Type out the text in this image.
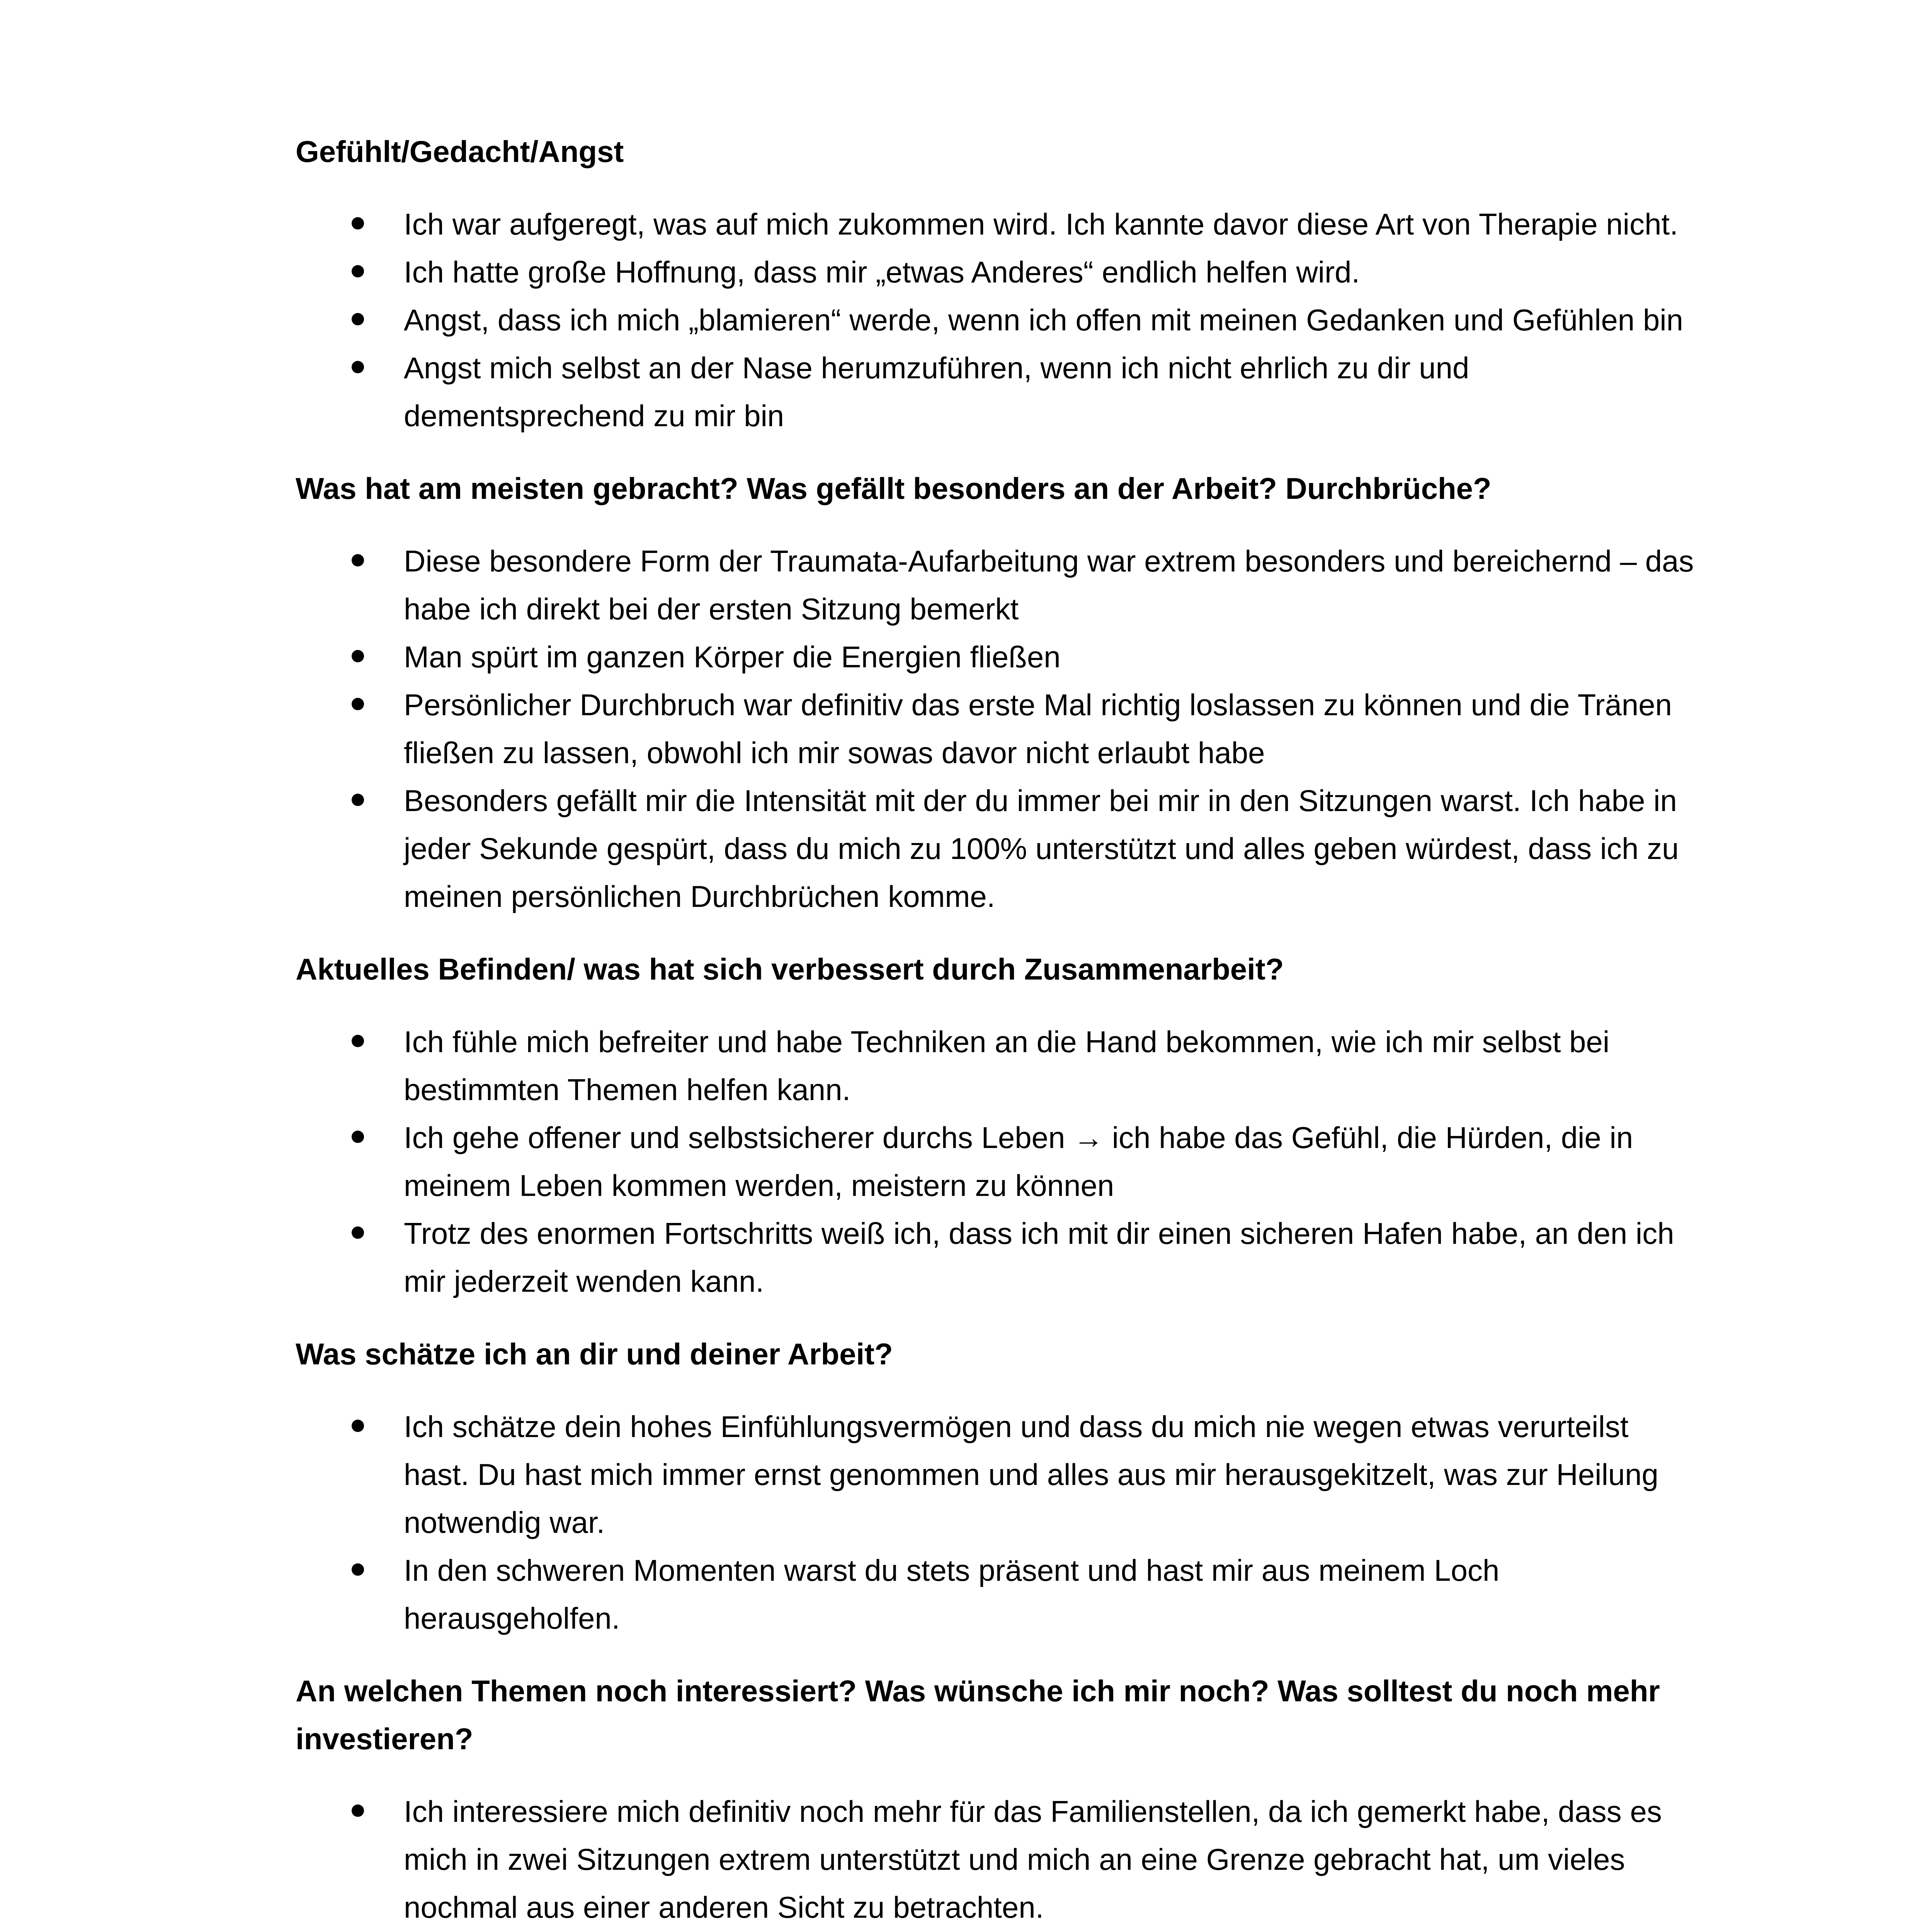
Gefühlt/Gedacht/Angst

Ich war aufgeregt, was auf mich zukommen wird. Ich kannte davor diese Art von Therapie nicht.
Ich hatte große Hoffnung, dass mir „etwas Anderes“ endlich helfen wird.
Angst, dass ich mich „blamieren“ werde, wenn ich offen mit meinen Gedanken und Gefühlen bin
Angst mich selbst an der Nase herumzuführen, wenn ich nicht ehrlich zu dir und dementsprechend zu mir bin

Was hat am meisten gebracht? Was gefällt besonders an der Arbeit? Durchbrüche?

Diese besondere Form der Traumata-Aufarbeitung war extrem besonders und bereichernd – das habe ich direkt bei der ersten Sitzung bemerkt
Man spürt im ganzen Körper die Energien fließen
Persönlicher Durchbruch war definitiv das erste Mal richtig loslassen zu können und die Tränen fließen zu lassen, obwohl ich mir sowas davor nicht erlaubt habe
Besonders gefällt mir die Intensität mit der du immer bei mir in den Sitzungen warst. Ich habe in jeder Sekunde gespürt, dass du mich zu 100% unterstützt und alles geben würdest, dass ich zu meinen persönlichen Durchbrüchen komme.

Aktuelles Befinden/ was hat sich verbessert durch Zusammenarbeit?

Ich fühle mich befreiter und habe Techniken an die Hand bekommen, wie ich mir selbst bei bestimmten Themen helfen kann.
Ich gehe offener und selbstsicherer durchs Leben → ich habe das Gefühl, die Hürden, die in meinem Leben kommen werden, meistern zu können
Trotz des enormen Fortschritts weiß ich, dass ich mit dir einen sicheren Hafen habe, an den ich mir jederzeit wenden kann.

Was schätze ich an dir und deiner Arbeit?

Ich schätze dein hohes Einfühlungsvermögen und dass du mich nie wegen etwas verurteilst hast. Du hast mich immer ernst genommen und alles aus mir herausgekitzelt, was zur Heilung notwendig war.
In den schweren Momenten warst du stets präsent und hast mir aus meinem Loch herausgeholfen.

An welchen Themen noch interessiert? Was wünsche ich mir noch? Was solltest du noch mehr investieren?

Ich interessiere mich definitiv noch mehr für das Familienstellen, da ich gemerkt habe, dass es mich in zwei Sitzungen extrem unterstützt und mich an eine Grenze gebracht hat, um vieles nochmal aus einer anderen Sicht zu betrachten.
